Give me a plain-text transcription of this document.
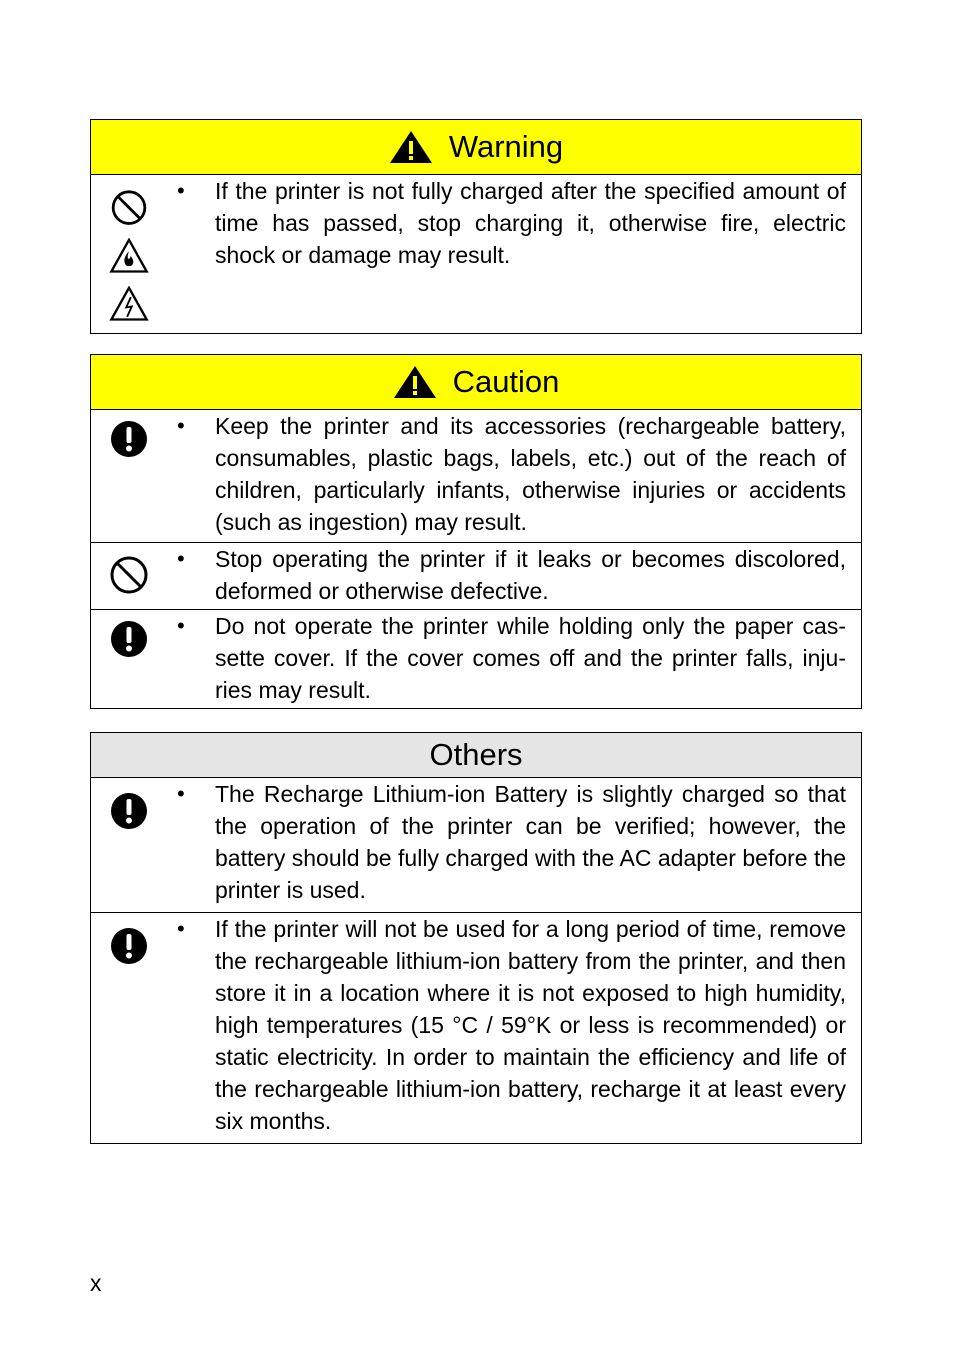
Warning
•	If the printer is not fully charged after the specified amount of time has passed, stop charging it, otherwise fire, electric shock or damage may result.
Caution
•	Keep the printer and its accessories (rechargeable battery, consumables, plastic bags, labels, etc.) out of the reach of children, particularly infants, otherwise injuries or accidents (such as ingestion) may result.
•	Stop operating the printer if it leaks or becomes discolored, deformed or otherwise defective.
•	Do not operate the printer while holding only the paper cas-sette cover. If the cover comes off and the printer falls, inju-ries may result.
Others
•	The Recharge Lithium-ion Battery is slightly charged so that the operation of the printer can be verified; however, the battery should be fully charged with the AC adapter before the printer is used.
•	If the printer will not be used for a long period of time, remove the rechargeable lithium-ion battery from the printer, and then store it in a location where it is not exposed to high humidity, high temperatures (15 °C / 59°K or less is recommended) or static electricity. In order to maintain the efficiency and life of the rechargeable lithium-ion battery, recharge it at least every six months.
x
